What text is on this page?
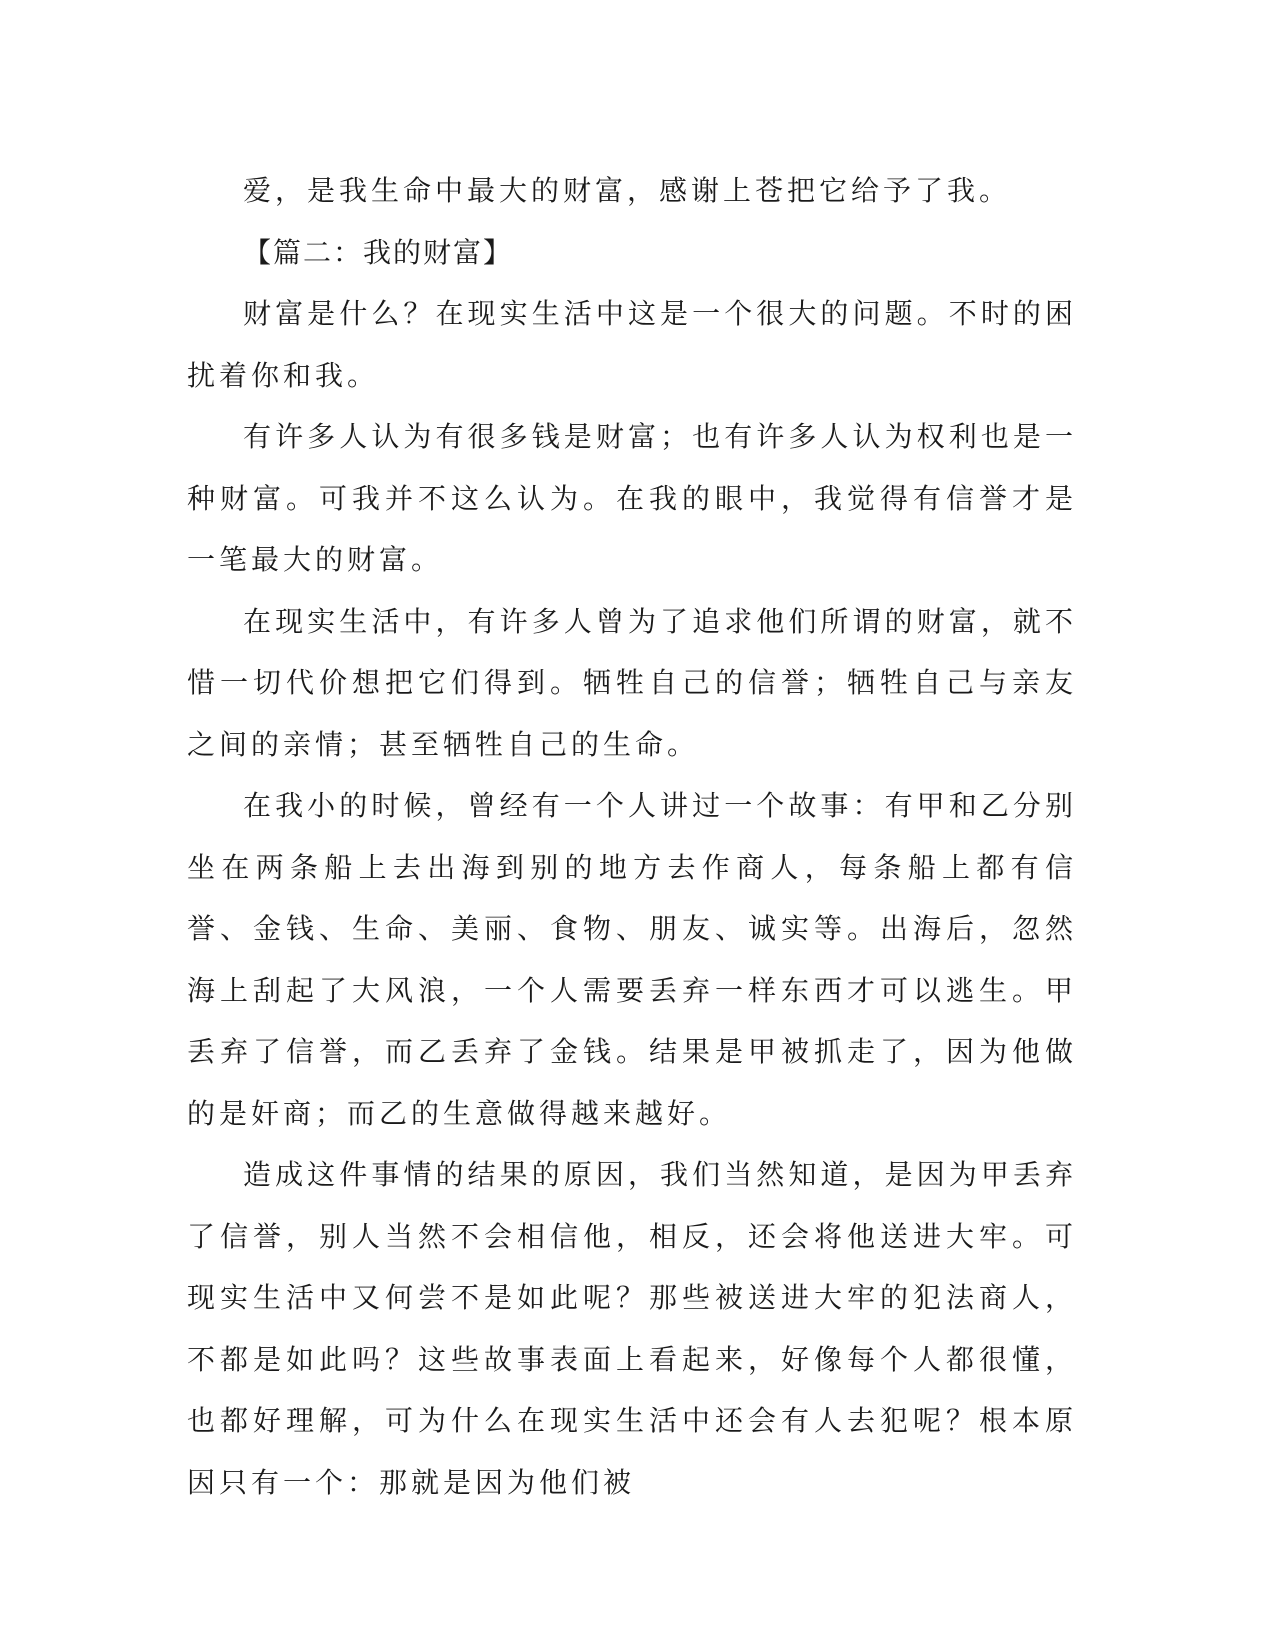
爱，是我生命中最大的财富，感谢上苍把它给予了我。

【篇二：我的财富】

财富是什么？在现实生活中这是一个很大的问题。不时的困扰着你和我。

有许多人认为有很多钱是财富；也有许多人认为权利也是一种财富。可我并不这么认为。在我的眼中，我觉得有信誉才是一笔最大的财富。

在现实生活中，有许多人曾为了追求他们所谓的财富，就不惜一切代价想把它们得到。牺牲自己的信誉；牺牲自己与亲友之间的亲情；甚至牺牲自己的生命。

在我小的时候，曾经有一个人讲过一个故事：有甲和乙分别坐在两条船上去出海到别的地方去作商人，每条船上都有信誉、金钱、生命、美丽、食物、朋友、诚实等。出海后，忽然海上刮起了大风浪，一个人需要丢弃一样东西才可以逃生。甲丢弃了信誉，而乙丢弃了金钱。结果是甲被抓走了，因为他做的是奸商；而乙的生意做得越来越好。

造成这件事情的结果的原因，我们当然知道，是因为甲丢弃了信誉，别人当然不会相信他，相反，还会将他送进大牢。可现实生活中又何尝不是如此呢？那些被送进大牢的犯法商人，不都是如此吗？这些故事表面上看起来，好像每个人都很懂，也都好理解，可为什么在现实生活中还会有人去犯呢？根本原因只有一个：那就是因为他们被
